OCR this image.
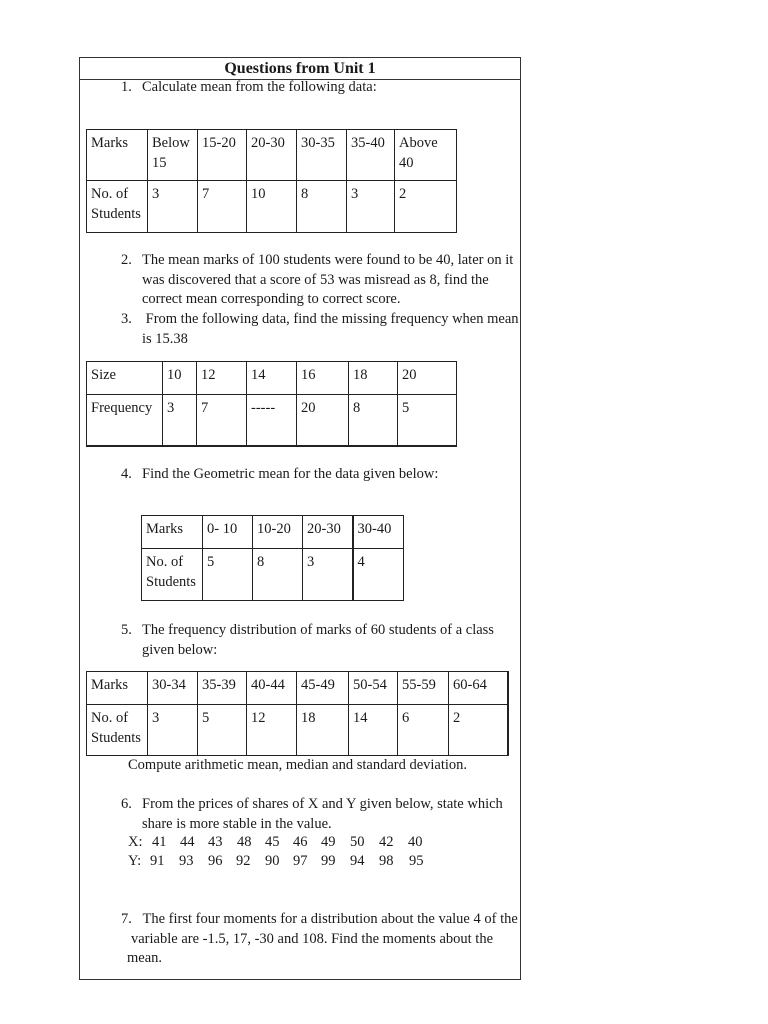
Questions from Unit 1
1. Calculate mean from the following data:
Marks	Below 15	15-20	20-30	30-35	35-40	Above 40
No. of Students	3	7	10	8	3	2
2. The mean marks of 100 students were found to be 40, later on it
was discovered that a score of 53 was misread as 8, find the
correct mean corresponding to correct score.
3. From the following data, find the missing frequency when mean
is 15.38
Size	10	12	14	16	18	20
Frequency	3	7	-----	20	8	5
4. Find the Geometric mean for the data given below:
Marks	0- 10	10-20	20-30	30-40
No. of Students	5	8	3	4
5. The frequency distribution of marks of 60 students of a class
given below:
Marks	30-34	35-39	40-44	45-49	50-54	55-59	60-64
No. of Students	3	5	12	18	14	6	2
Compute arithmetic mean, median and standard deviation.
6. From the prices of shares of X and Y given below, state which
share is more stable in the value.
X: 41 44 43 48 45 46 49 50 42 40
Y: 91 93 96 92 90 97 99 94 98 95
7.   The first four moments for a distribution about the value 4 of the
variable are -1.5, 17, -30 and 108. Find the moments about the
mean.
